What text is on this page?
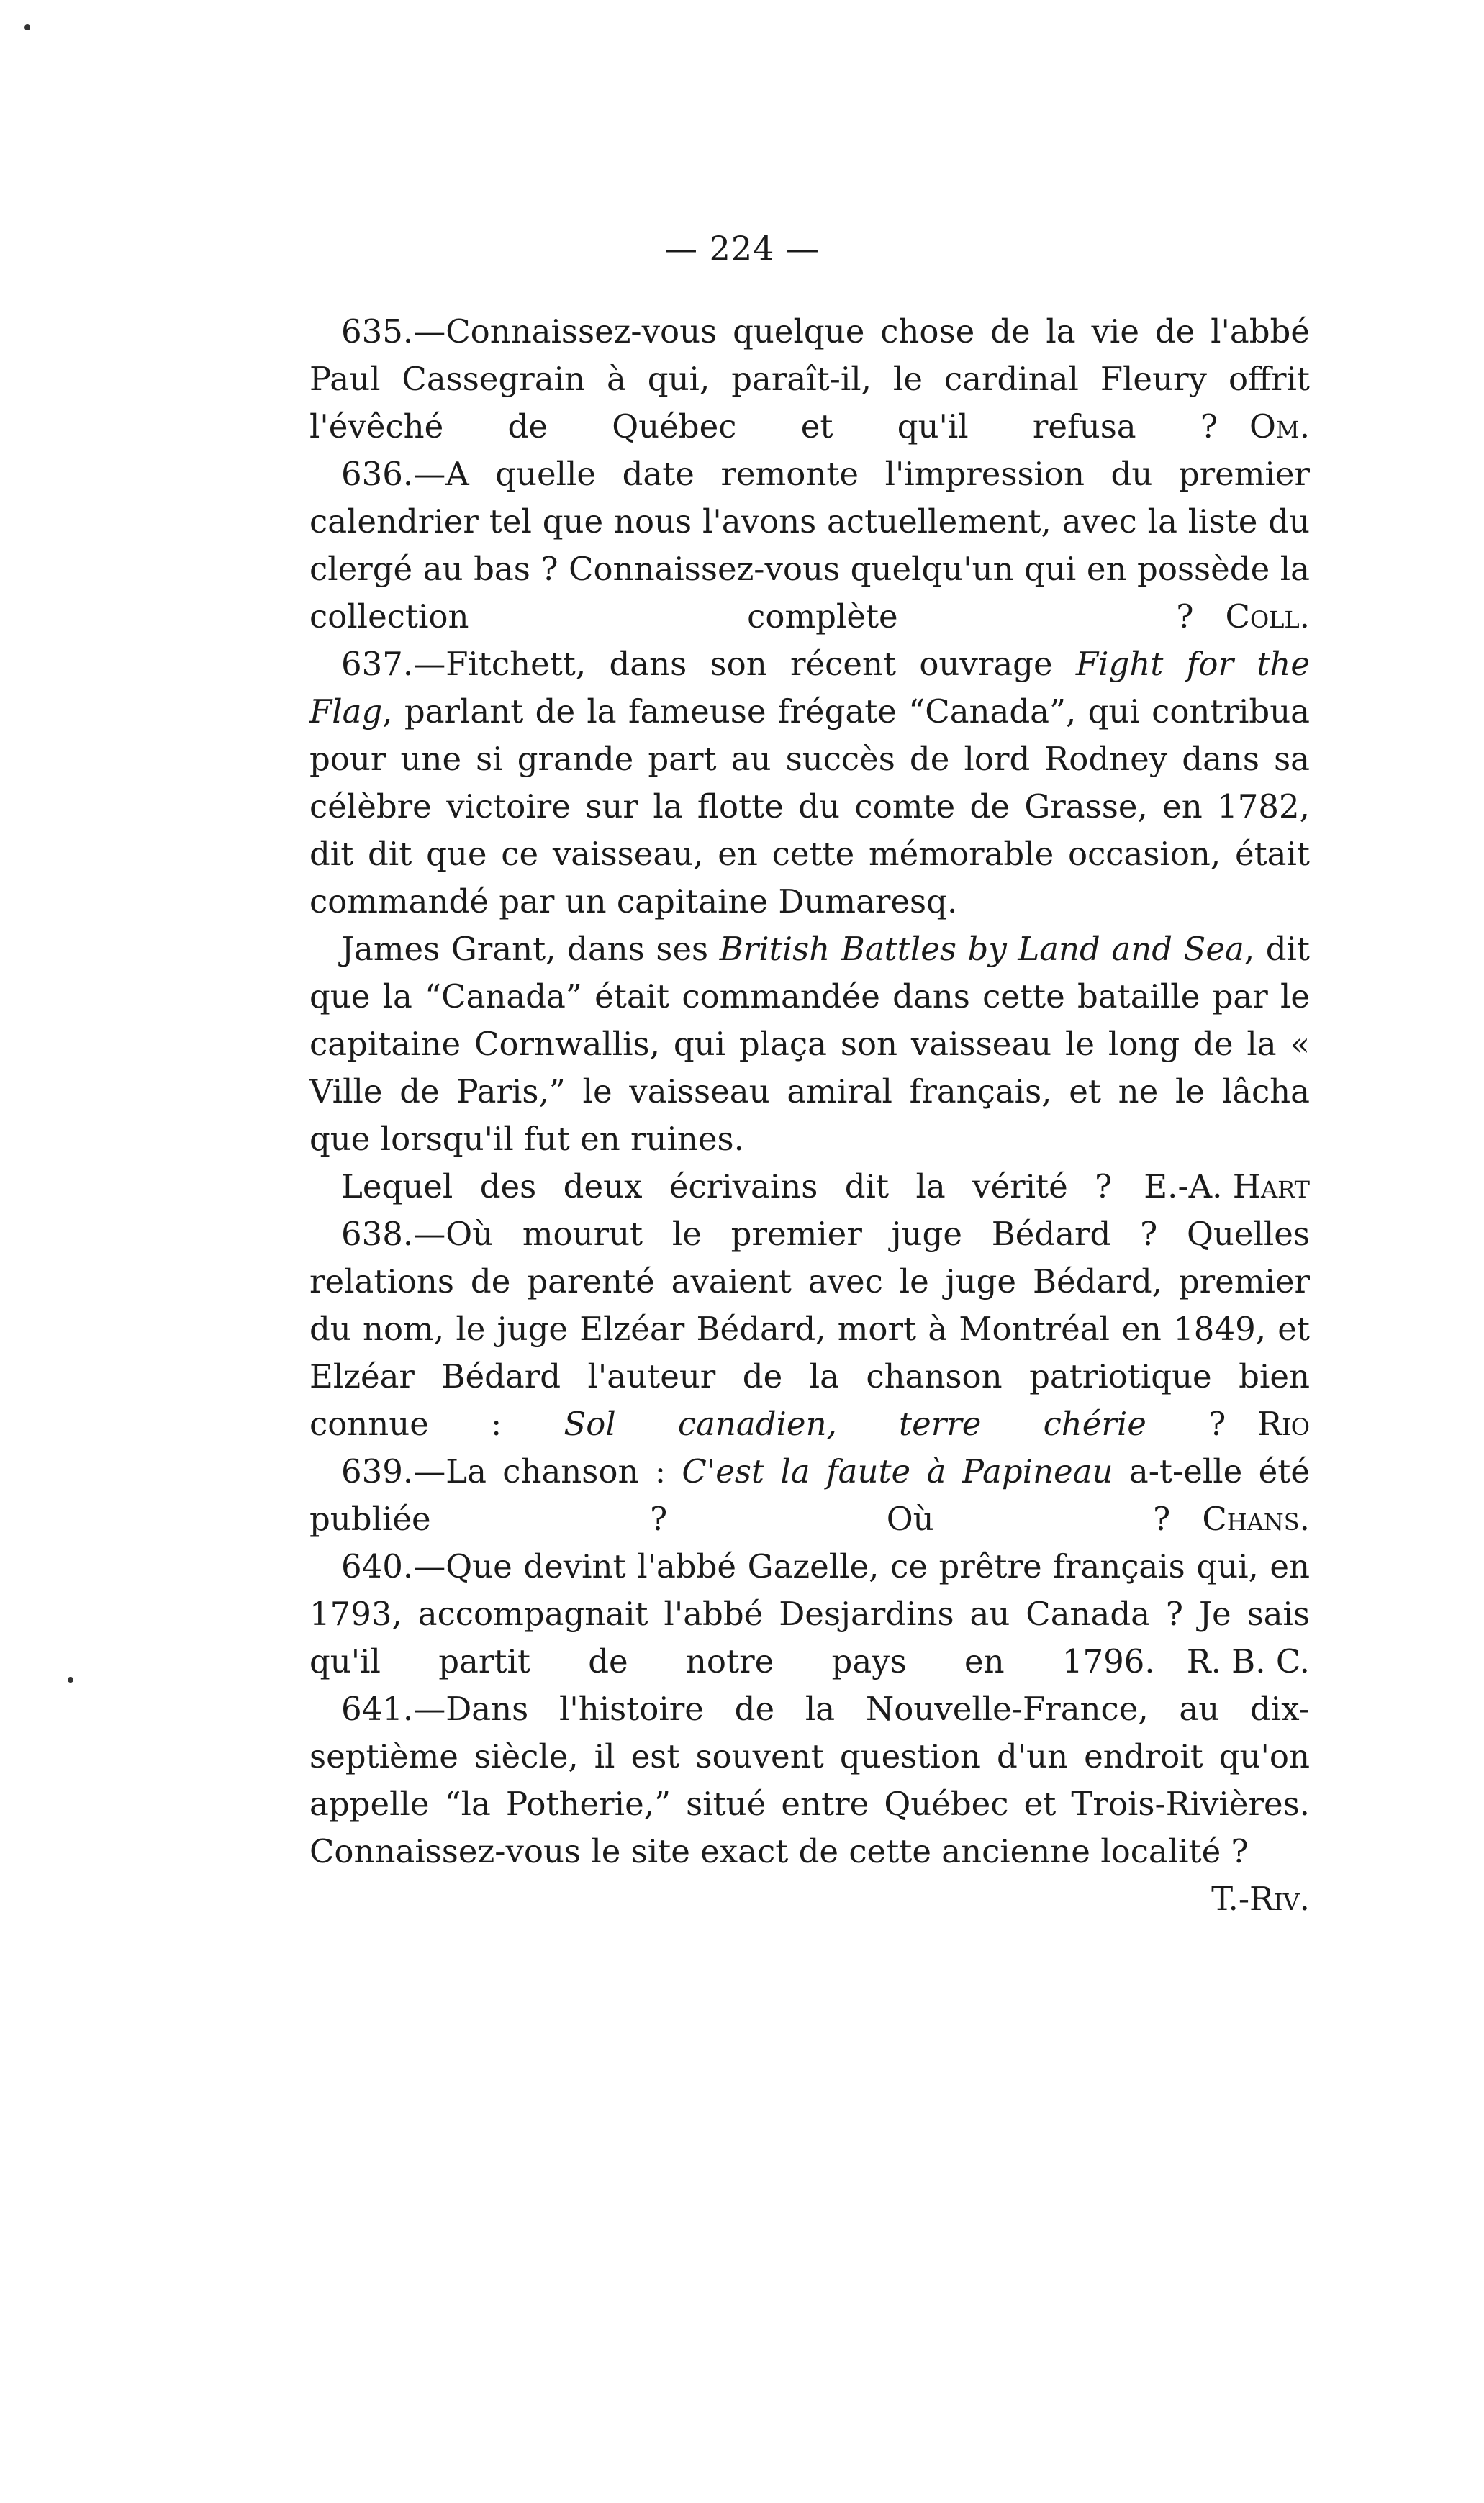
— 224 —

635.—Connaissez-vous quelque chose de la vie de l'abbé Paul Cassegrain à qui, paraît-il, le cardinal Fleury offrit l'évêché de Québec et qu'il refusa ? Om.

636.—A quelle date remonte l'impression du premier calendrier tel que nous l'avons actuellement, avec la liste du clergé au bas ? Connaissez-vous quelqu'un qui en possède la collection complète ? Coll.

637.—Fitchett, dans son récent ouvrage Fight for the Flag, parlant de la fameuse frégate “Canada”, qui contribua pour une si grande part au succès de lord Rodney dans sa célèbre victoire sur la flotte du comte de Grasse, en 1782, dit dit que ce vaisseau, en cette mémorable occasion, était commandé par un capitaine Dumaresq.

James Grant, dans ses British Battles by Land and Sea, dit que la “Canada” était commandée dans cette bataille par le capitaine Cornwallis, qui plaça son vaisseau le long de la « Ville de Paris,” le vaisseau amiral français, et ne le lâcha que lorsqu'il fut en ruines.

Lequel des deux écrivains dit la vérité ? E.-A. Hart

638.—Où mourut le premier juge Bédard ? Quelles relations de parenté avaient avec le juge Bédard, premier du nom, le juge Elzéar Bédard, mort à Montréal en 1849, et Elzéar Bédard l'auteur de la chanson patriotique bien connue : Sol canadien, terre chérie ? Rio

639.—La chanson : C'est la faute à Papineau a-t-elle été publiée ? Où ? Chans.

640.—Que devint l'abbé Gazelle, ce prêtre français qui, en 1793, accompagnait l'abbé Desjardins au Canada ? Je sais qu'il partit de notre pays en 1796. R. B. C.

641.—Dans l'histoire de la Nouvelle-France, au dix-septième siècle, il est souvent question d'un endroit qu'on appelle “la Potherie,” situé entre Québec et Trois-Rivières. Connaissez-vous le site exact de cette ancienne localité ?

T.-Riv.
